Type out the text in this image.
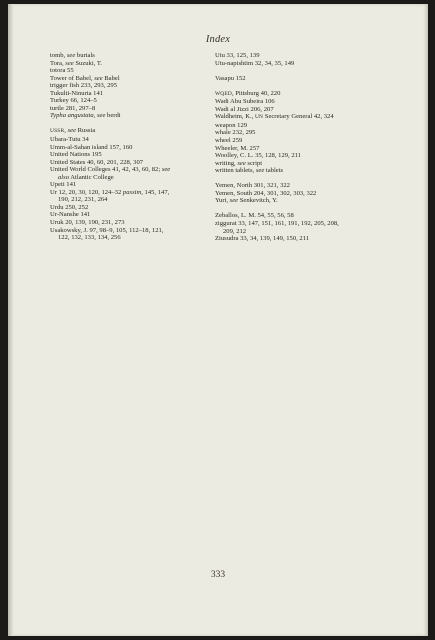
Index
tomb, see burials
Tora, see Suzuki, T.
totora 55
Tower of Babel, see Babel
trigger fish 233, 293, 295
Tukulti-Ninurta 141
Turkey 66, 124–5
turtle 281, 297–8
Typha angustata, see berdi
USSR, see Russia
Ubara-Tutu 34
Umm-al-Sahan island 157, 160
United Nations 195
United States 40, 60, 201, 228, 307
United World Colleges 41, 42, 43, 60, 82; see
also Atlantic College
Upeti 141
Ur 12, 20, 30, 120, 124–32 passim, 145, 147,
190, 212, 231, 264
Urdu 250, 252
Ur-Nanshe 141
Uruk 20, 139, 190, 231, 273
Usakowsky, J. 97, 98–9, 105, 112–18, 121,
122, 132, 133, 134, 256
Utu 33, 125, 139
Utu-napishtim 32, 34, 35, 149
Vasapu 152
WQED, Pittsburg 40, 220
Wadi Abu Subeira 106
Wadi al Jizzi 206, 207
Waldheim, K., UN Secretary General 42, 324
weapon 129
whale 232, 295
wheel 259
Wheeler, M. 257
Woolley, C. L. 35, 128, 129, 211
writing, see script
written tablets, see tablets
Yemen, North 301, 321, 322
Yemen, South 204, 301, 302, 303, 322
Yuri, see Senkevitch, Y.
Zeballos, L. M. 54, 55, 56, 58
ziggurat 33, 147, 151, 161, 191, 192, 205, 208,
209, 212
Ziusudra 33, 34, 139, 149, 150, 211
333
